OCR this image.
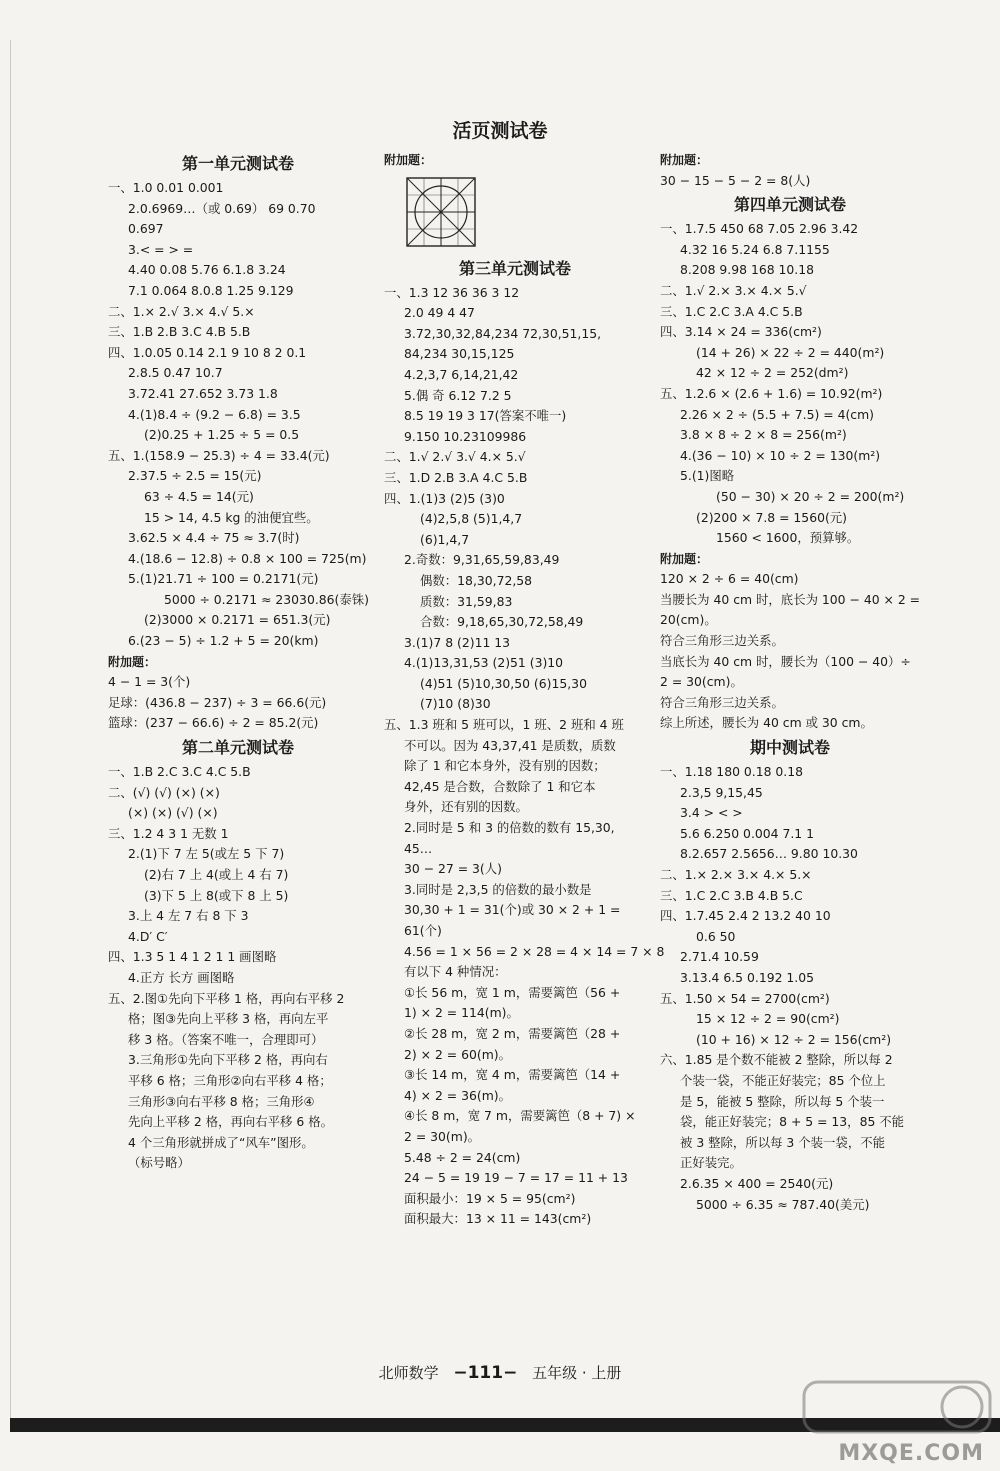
活页测试卷
第一单元测试卷
一、1.0 0.01 0.001
2.0.6969…（或 0.69） 69 0.70
0.697
3.< = > =
4.40 0.08 5.76 6.1.8 3.24
7.1 0.064 8.0.8 1.25 9.129
二、1.× 2.√ 3.× 4.√ 5.×
三、1.B 2.B 3.C 4.B 5.B
四、1.0.05 0.14 2.1 9 10 8 2 0.1
2.8.5 0.47 10.7
3.72.41 27.652 3.73 1.8
4.(1)8.4 ÷ (9.2 − 6.8) = 3.5
(2)0.25 + 1.25 ÷ 5 = 0.5
五、1.(158.9 − 25.3) ÷ 4 = 33.4(元)
2.37.5 ÷ 2.5 = 15(元)
63 ÷ 4.5 = 14(元)
15 > 14, 4.5 kg 的油便宜些。
3.62.5 × 4.4 ÷ 75 ≈ 3.7(时)
4.(18.6 − 12.8) ÷ 0.8 × 100 = 725(m)
5.(1)21.71 ÷ 100 = 0.2171(元)
5000 ÷ 0.2171 ≈ 23030.86(泰铢)
(2)3000 × 0.2171 = 651.3(元)
6.(23 − 5) ÷ 1.2 + 5 = 20(km)
附加题：
4 − 1 = 3(个)
足球：(436.8 − 237) ÷ 3 = 66.6(元)
篮球：(237 − 66.6) ÷ 2 = 85.2(元)
第二单元测试卷
一、1.B 2.C 3.C 4.C 5.B
二、(√) (√) (×) (×)
(×) (×) (√) (×)
三、1.2 4 3 1 无数 1
2.(1)下 7 左 5(或左 5 下 7)
(2)右 7 上 4(或上 4 右 7)
(3)下 5 上 8(或下 8 上 5)
3.上 4 左 7 右 8 下 3
4.D′ C′
四、1.3 5 1 4 1 2 1 1 画图略
4.正方 长方 画图略
五、2.图①先向下平移 1 格，再向右平移 2
格；图③先向上平移 3 格，再向左平
移 3 格。（答案不唯一，合理即可）
3.三角形①先向下平移 2 格，再向右
平移 6 格；三角形②向右平移 4 格；
三角形③向右平移 8 格；三角形④
先向上平移 2 格，再向右平移 6 格。
4 个三角形就拼成了“风车”图形。
（标号略）
附加题：
第三单元测试卷
一、1.3 12 36 36 3 12
2.0 49 4 47
3.72,30,32,84,234 72,30,51,15,
84,234 30,15,125
4.2,3,7 6,14,21,42
5.偶 奇 6.12 7.2 5
8.5 19 19 3 17(答案不唯一)
9.150 10.23109986
二、1.√ 2.√ 3.√ 4.× 5.√
三、1.D 2.B 3.A 4.C 5.B
四、1.(1)3 (2)5 (3)0
(4)2,5,8 (5)1,4,7
(6)1,4,7
2.奇数：9,31,65,59,83,49
偶数：18,30,72,58
质数：31,59,83
合数：9,18,65,30,72,58,49
3.(1)7 8 (2)11 13
4.(1)13,31,53 (2)51 (3)10
(4)51 (5)10,30,50 (6)15,30
(7)10 (8)30
五、1.3 班和 5 班可以，1 班、2 班和 4 班
不可以。因为 43,37,41 是质数，质数
除了 1 和它本身外，没有别的因数；
42,45 是合数，合数除了 1 和它本
身外，还有别的因数。
2.同时是 5 和 3 的倍数的数有 15,30,
45…
30 − 27 = 3(人)
3.同时是 2,3,5 的倍数的最小数是
30,30 + 1 = 31(个)或 30 × 2 + 1 =
61(个)
4.56 = 1 × 56 = 2 × 28 = 4 × 14 = 7 × 8
有以下 4 种情况：
①长 56 m，宽 1 m，需要篱笆（56 +
1) × 2 = 114(m)。
②长 28 m，宽 2 m，需要篱笆（28 +
2) × 2 = 60(m)。
③长 14 m，宽 4 m，需要篱笆（14 +
4) × 2 = 36(m)。
④长 8 m，宽 7 m，需要篱笆（8 + 7) ×
2 = 30(m)。
5.48 ÷ 2 = 24(cm)
24 − 5 = 19 19 − 7 = 17 = 11 + 13
面积最小：19 × 5 = 95(cm²)
面积最大：13 × 11 = 143(cm²)
附加题：
30 − 15 − 5 − 2 = 8(人)
第四单元测试卷
一、1.7.5 450 68 7.05 2.96 3.42
4.32 16 5.24 6.8 7.1155
8.208 9.98 168 10.18
二、1.√ 2.× 3.× 4.× 5.√
三、1.C 2.C 3.A 4.C 5.B
四、3.14 × 24 = 336(cm²)
(14 + 26) × 22 ÷ 2 = 440(m²)
42 × 12 ÷ 2 = 252(dm²)
五、1.2.6 × (2.6 + 1.6) = 10.92(m²)
2.26 × 2 ÷ (5.5 + 7.5) = 4(cm)
3.8 × 8 ÷ 2 × 8 = 256(m²)
4.(36 − 10) × 10 ÷ 2 = 130(m²)
5.(1)图略
(50 − 30) × 20 ÷ 2 = 200(m²)
(2)200 × 7.8 = 1560(元)
1560 < 1600，预算够。
附加题：
120 × 2 ÷ 6 = 40(cm)
当腰长为 40 cm 时，底长为 100 − 40 × 2 =
20(cm)。
符合三角形三边关系。
当底长为 40 cm 时，腰长为（100 − 40）÷
2 = 30(cm)。
符合三角形三边关系。
综上所述，腰长为 40 cm 或 30 cm。
期中测试卷
一、1.18 180 0.18 0.18
2.3,5 9,15,45
3.4 > < >
5.6 6.250 0.004 7.1 1
8.2.657 2.5656… 9.80 10.30
二、1.× 2.× 3.× 4.× 5.×
三、1.C 2.C 3.B 4.B 5.C
四、1.7.45 2.4 2 13.2 40 10
0.6 50
2.71.4 10.59
3.13.4 6.5 0.192 1.05
五、1.50 × 54 = 2700(cm²)
15 × 12 ÷ 2 = 90(cm²)
(10 + 16) × 12 ÷ 2 = 156(cm²)
六、1.85 是个数不能被 2 整除，所以每 2
个装一袋，不能正好装完；85 个位上
是 5，能被 5 整除，所以每 5 个装一
袋，能正好装完；8 + 5 = 13，85 不能
被 3 整除，所以每 3 个装一袋，不能
正好装完。
2.6.35 × 400 = 2540(元)
5000 ÷ 6.35 ≈ 787.40(美元)
北师数学 −111− 五年级 · 上册
MXQE.COM
